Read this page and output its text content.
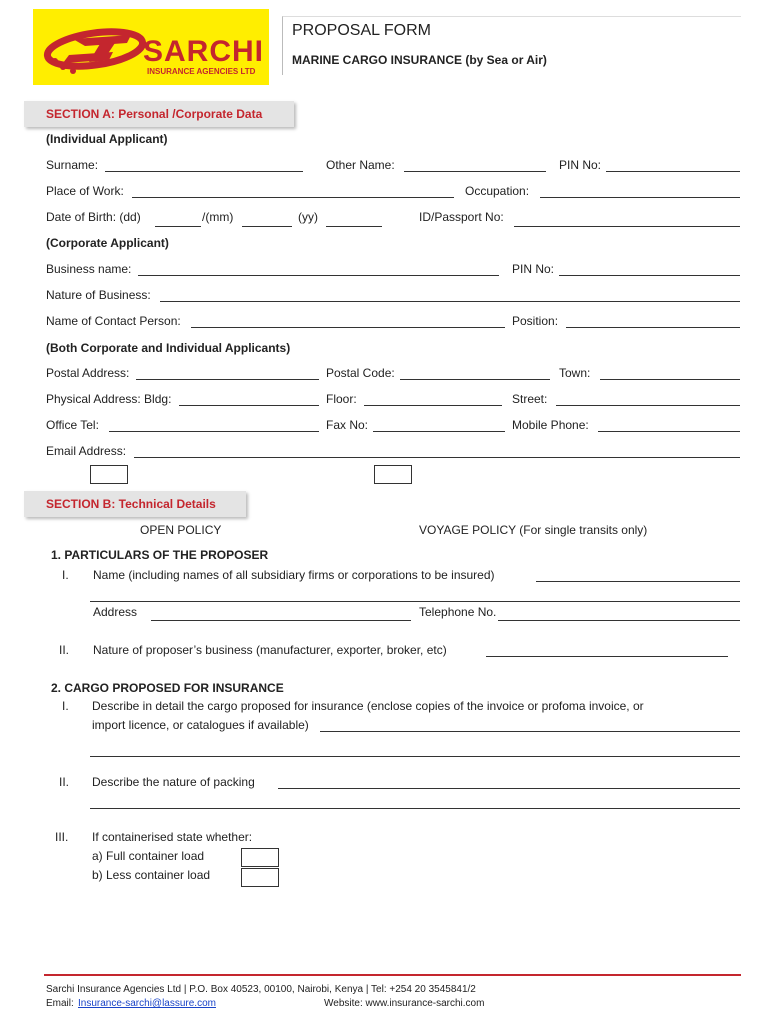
SARCHI
INSURANCE AGENCIES LTD
PROPOSAL FORM
MARINE CARGO INSURANCE (by Sea or Air)
SECTION A: Personal /Corporate Data
(Individual Applicant)
Surname:	Other Name:	PIN No:
Place of Work:	Occupation:
Date of Birth: (dd)	/(mm)	(yy)	ID/Passport No:
(Corporate Applicant)
Business name:	PIN No:
Nature of Business:
Name of Contact Person:	Position:
(Both Corporate and Individual Applicants)
Postal Address:	Postal Code:	Town:
Physical Address: Bldg:	Floor:	Street:
Office Tel:	Fax No:	Mobile Phone:
Email Address:
SECTION B: Technical Details
OPEN POLICY	VOYAGE POLICY (For single transits only)
1. PARTICULARS OF THE PROPOSER
I. Name (including names of all subsidiary firms or corporations to be insured)
Address	Telephone No.
II. Nature of proposer’s business (manufacturer, exporter, broker, etc)
2. CARGO PROPOSED FOR INSURANCE
I. Describe in detail the cargo proposed for insurance (enclose copies of the invoice or profoma invoice, or
import licence, or catalogues if available)
II. Describe the nature of packing
III. If containerised state whether:
a) Full container load
b) Less container load
Sarchi Insurance Agencies Ltd | P.O. Box 40523, 00100, Nairobi, Kenya | Tel: +254 20 3545841/2
Email: Insurance-sarchi@lassure.com	Website: www.insurance-sarchi.com
